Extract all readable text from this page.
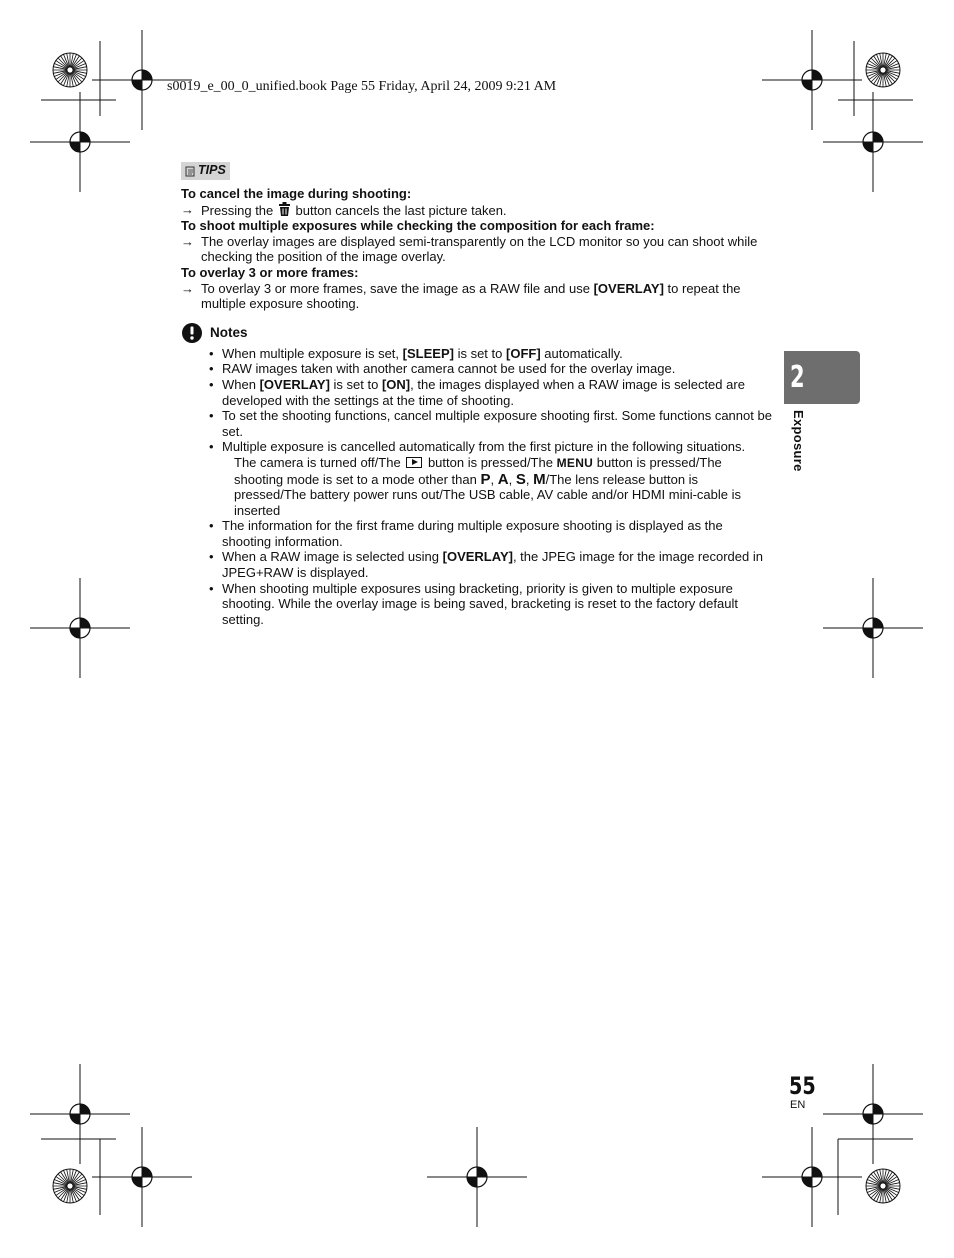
s0019_e_00_0_unified.book Page 55 Friday, April 24, 2009 9:21 AM
TIPS
To cancel the image during shooting:
→ Pressing the button cancels the last picture taken.
To shoot multiple exposures while checking the composition for each frame:
→ The overlay images are displayed semi-transparently on the LCD monitor so you can shoot while checking the position of the image overlay.
To overlay 3 or more frames:
→ To overlay 3 or more frames, save the image as a RAW file and use [OVERLAY] to repeat the multiple exposure shooting.
Notes
• When multiple exposure is set, [SLEEP] is set to [OFF] automatically.
• RAW images taken with another camera cannot be used for the overlay image.
• When [OVERLAY] is set to [ON], the images displayed when a RAW image is selected are developed with the settings at the time of shooting.
• To set the shooting functions, cancel multiple exposure shooting first. Some functions cannot be set.
• Multiple exposure is cancelled automatically from the first picture in the following situations.
The camera is turned off/The button is pressed/The MENU button is pressed/The shooting mode is set to a mode other than P, A, S, M/The lens release button is pressed/The battery power runs out/The USB cable, AV cable and/or HDMI mini-cable is inserted
• The information for the first frame during multiple exposure shooting is displayed as the shooting information.
• When a RAW image is selected using [OVERLAY], the JPEG image for the image recorded in JPEG+RAW is displayed.
• When shooting multiple exposures using bracketing, priority is given to multiple exposure shooting. While the overlay image is being saved, bracketing is reset to the factory default setting.
2
Exposure
55
EN
